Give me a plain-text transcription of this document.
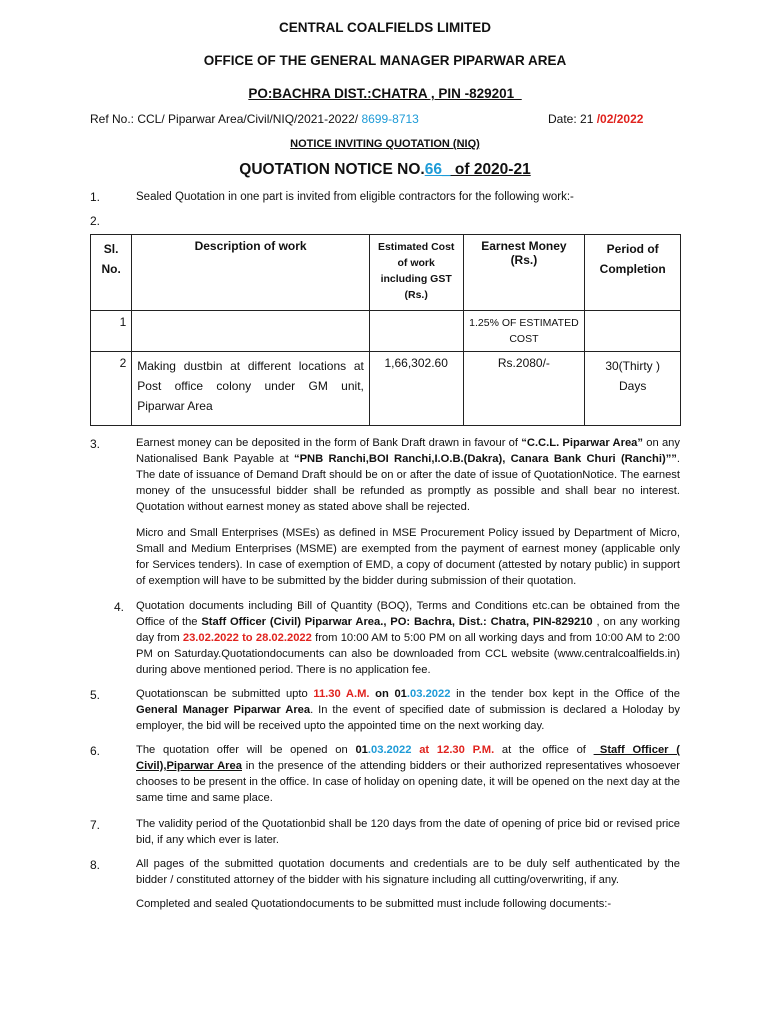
CENTRAL COALFIELDS LIMITED
OFFICE OF THE GENERAL MANAGER PIPARWAR AREA
PO:BACHRA DIST.:CHATRA , PIN -829201_
Ref No.: CCL/ Piparwar Area/Civil/NIQ/2021-2022/ 8699-8713	Date: 21 /02/2022
NOTICE INVITING QUOTATION (NIQ)
QUOTATION NOTICE NO.66_ of 2020-21
1.	Sealed Quotation in one part is invited from eligible contractors for the following work:-
2.
Sl. No.	Description of work	Estimated Cost of work including GST (Rs.)	Earnest Money (Rs.)	Period of Completion
1			1.25% OF ESTIMATED COST	
2	Making dustbin at different locations at Post office colony under GM unit, Piparwar Area	1,66,302.60	Rs.2080/-	30(Thirty ) Days
3.	Earnest money can be deposited in the form of Bank Draft drawn in favour of “C.C.L. Piparwar Area” on any Nationalised Bank Payable at “PNB Ranchi,BOI Ranchi,I.O.B.(Dakra), Canara Bank Churi (Ranchi)””. The date of issuance of Demand Draft should be on or after the date of issue of QuotationNotice. The earnest money of the unsucessful bidder shall be refunded as promptly as possible and shall bear no interest. Quotation without earnest money as stated above shall be rejected.
Micro and Small Enterprises (MSEs) as defined in MSE Procurement Policy issued by Department of Micro, Small and Medium Enterprises (MSME) are exempted from the payment of earnest money (applicable only for Services tenders). In case of exemption of EMD, a copy of document (attested by notary public) in support of exemption will have to be submitted by the bidder during submission of their quotation.
4. Quotation documents including Bill of Quantity (BOQ), Terms and Conditions etc.can be obtained from the Office of the Staff Officer (Civil) Piparwar Area., PO: Bachra, Dist.: Chatra, PIN-829210 , on any working day from 23.02.2022 to 28.02.2022 from 10:00 AM to 5:00 PM on all working days and from 10:00 AM to 2:00 PM on Saturday.Quotationdocuments can also be downloaded from CCL website (www.centralcoalfields.in) during above mentioned period. There is no application fee.
5.	Quotationscan be submitted upto 11.30 A.M. on 01.03.2022 in the tender box kept in the Office of the General Manager Piparwar Area. In the event of specified date of submission is declared a Holoday by employer, the bid will be received upto the appointed time on the next working day.
6.	The quotation offer will be opened on 01.03.2022 at 12.30 P.M. at the office of _Staff Officer ( Civil),Piparwar Area in the presence of the attending bidders or their authorized representatives whosoever chooses to be present in the office. In case of holiday on opening date, it will be opened on the next day at the same time and same place.
7.	The validity period of the Quotationbid shall be 120 days from the date of opening of price bid or revised price bid, if any which ever is later.
8.	All pages of the submitted quotation documents and credentials are to be duly self authenticated by the bidder / constituted attorney of the bidder with his signature including all cutting/overwriting, if any.
Completed and sealed Quotationdocuments to be submitted must include following documents:-
